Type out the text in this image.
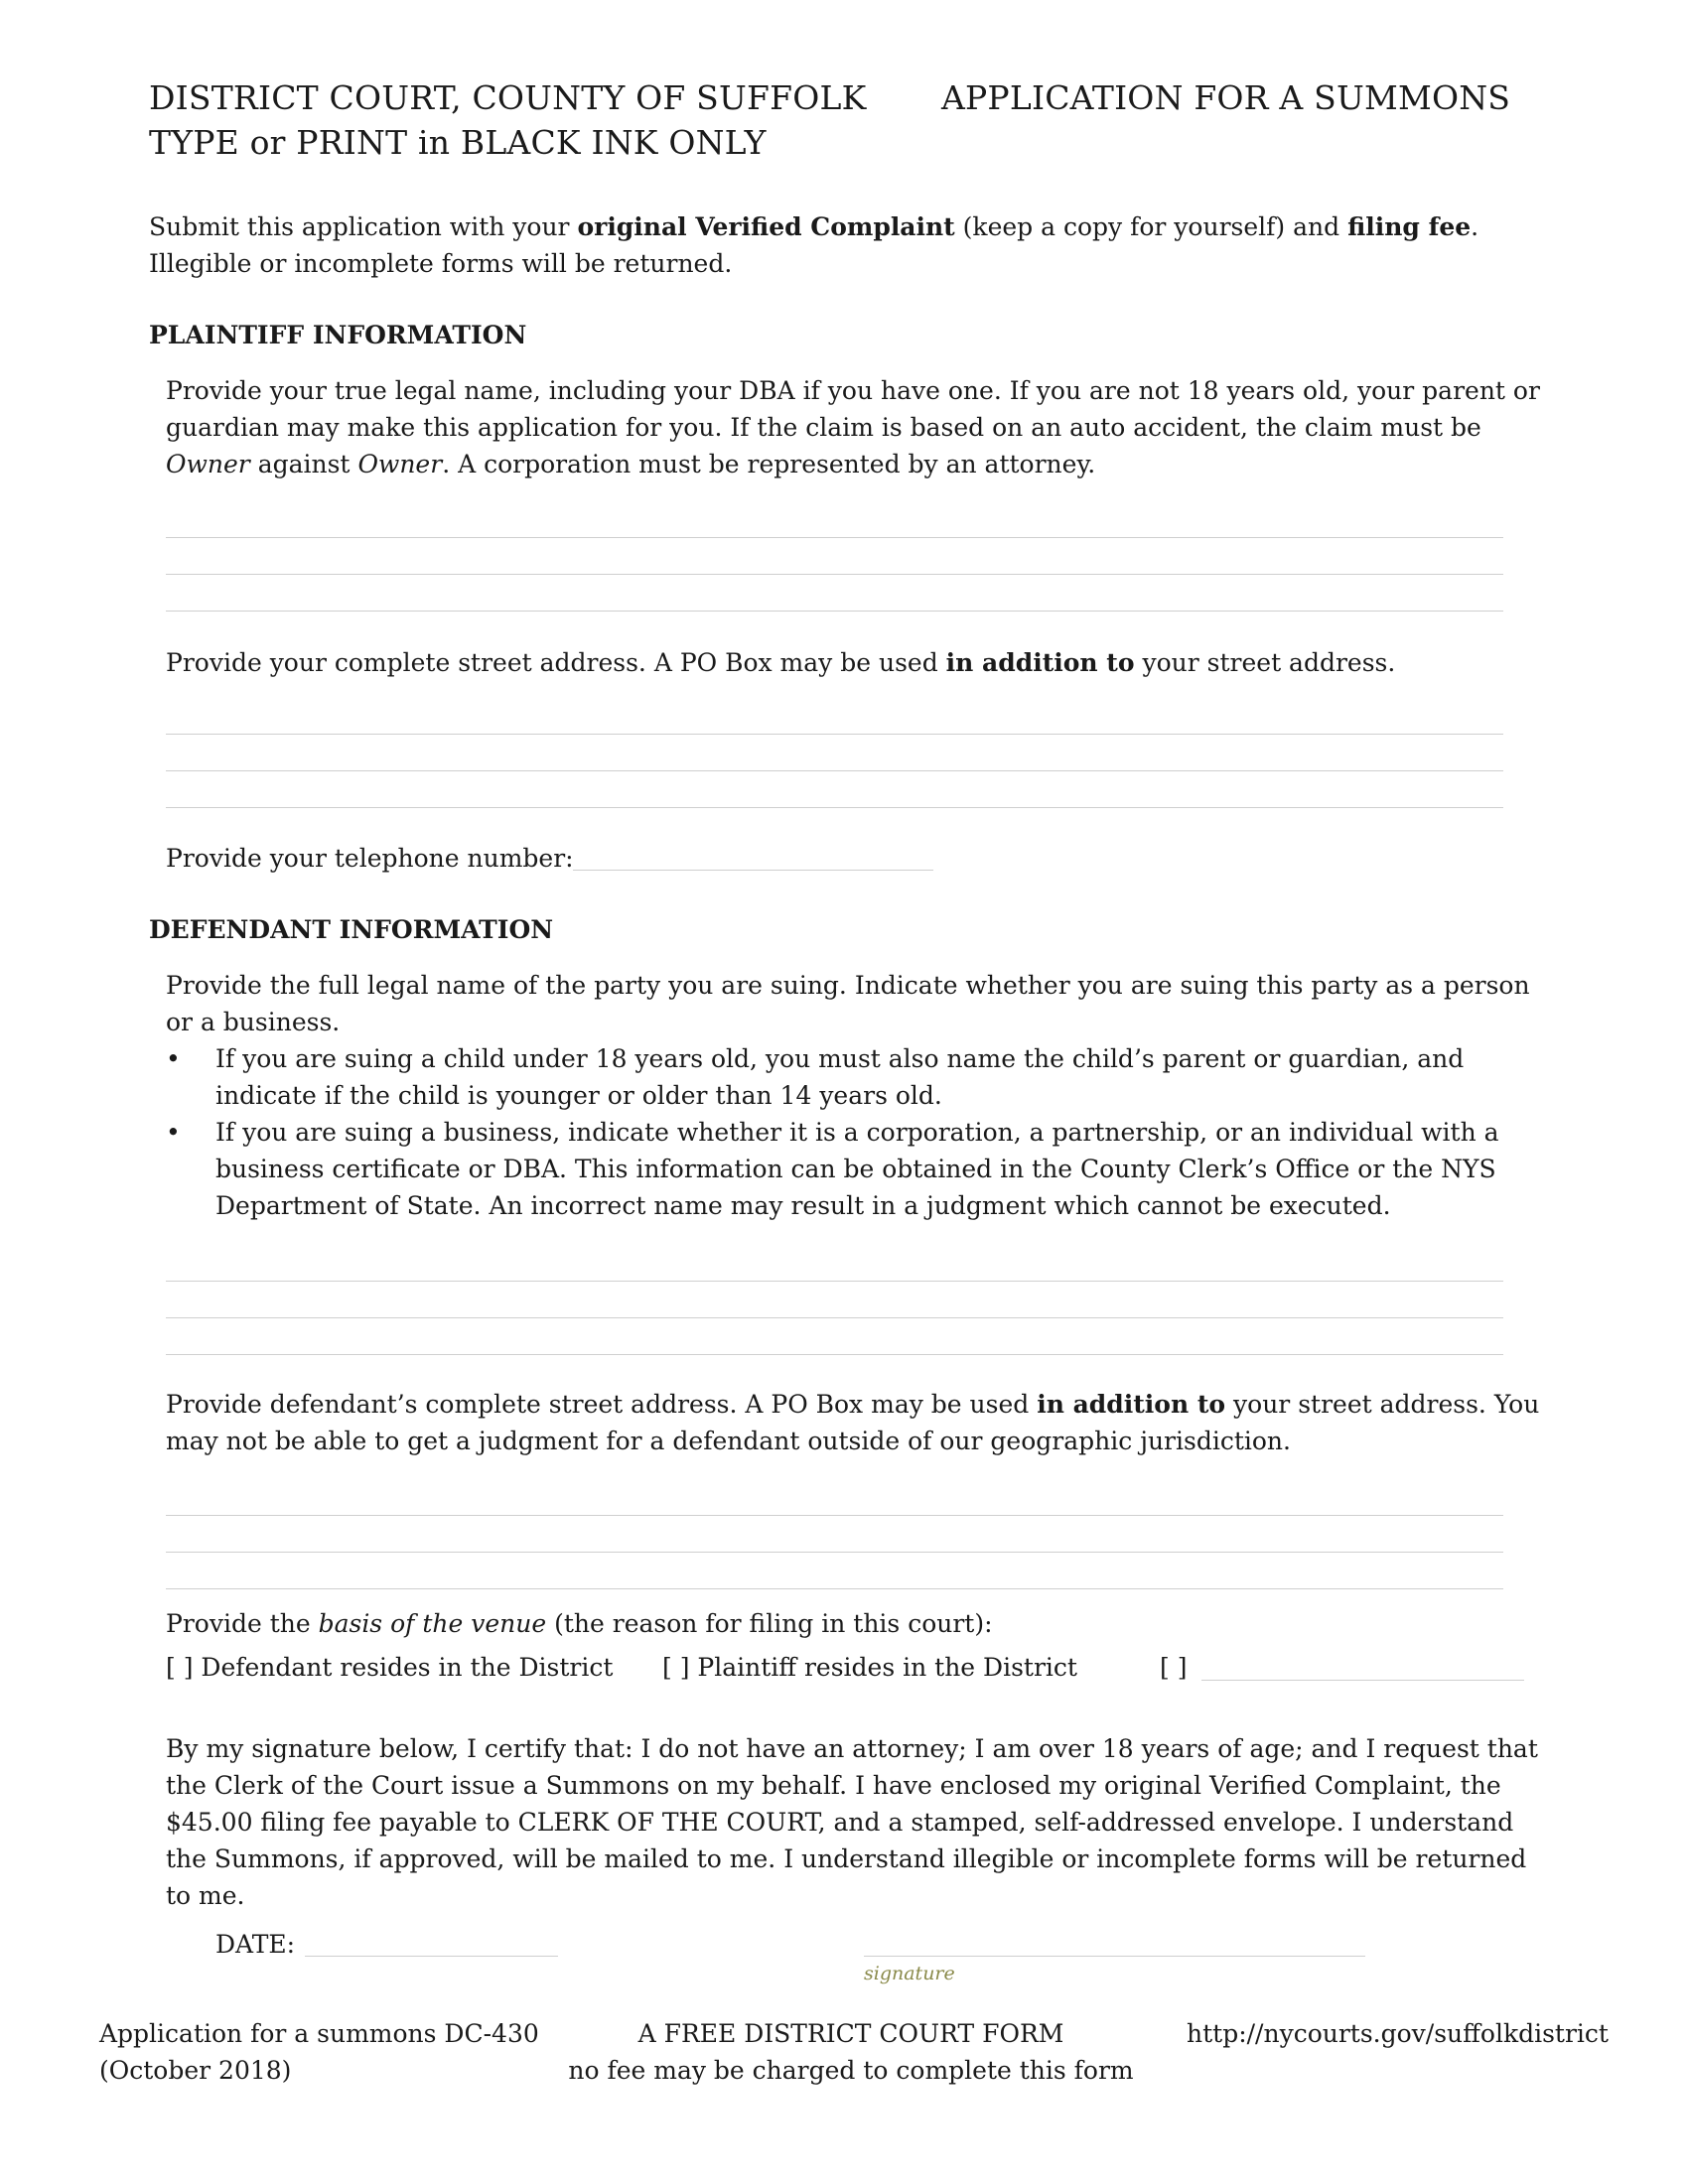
DISTRICT COURT, COUNTY OF SUFFOLK APPLICATION FOR A SUMMONS
TYPE or PRINT in BLACK INK ONLY

Submit this application with your original Verified Complaint (keep a copy for yourself) and filing fee. Illegible or incomplete forms will be returned.

PLAINTIFF INFORMATION

Provide your true legal name, including your DBA if you have one. If you are not 18 years old, your parent or guardian may make this application for you. If the claim is based on an auto accident, the claim must be Owner against Owner. A corporation must be represented by an attorney.

Provide your complete street address. A PO Box may be used in addition to your street address.

Provide your telephone number:
DEFENDANT INFORMATION

Provide the full legal name of the party you are suing. Indicate whether you are suing this party as a person or a business.

• If you are suing a child under 18 years old, you must also name the child’s parent or guardian, and indicate if the child is younger or older than 14 years old.
• If you are suing a business, indicate whether it is a corporation, a partnership, or an individual with a business certificate or DBA. This information can be obtained in the County Clerk’s Office or the NYS Department of State. An incorrect name may result in a judgment which cannot be executed.

Provide defendant’s complete street address. A PO Box may be used in addition to your street address. You may not be able to get a judgment for a defendant outside of our geographic jurisdiction.

Provide the basis of the venue (the reason for filing in this court):

[ ] Defendant resides in the District [ ] Plaintiff resides in the District	[ ]

By my signature below, I certify that: I do not have an attorney; I am over 18 years of age; and I request that the Clerk of the Court issue a Summons on my behalf. I have enclosed my original Verified Complaint, the $45.00 filing fee payable to CLERK OF THE COURT, and a stamped, self-addressed envelope. I understand the Summons, if approved, will be mailed to me. I understand illegible or incomplete forms will be returned to me.

DATE:
signature
Application for a summons DC-430
(October 2018)
A FREE DISTRICT COURT FORM
no fee may be charged to complete this form
http://nycourts.gov/suffolkdistrict
